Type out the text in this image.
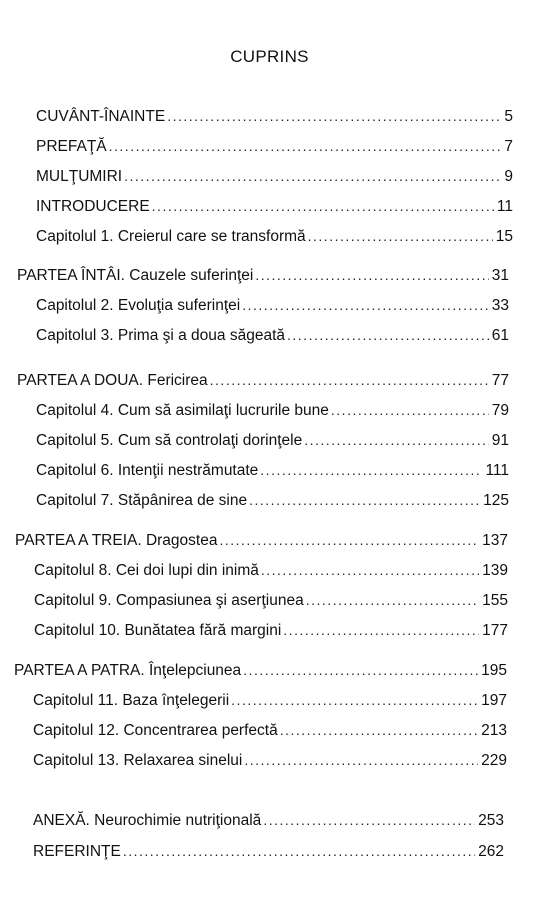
CUPRINS
CUVÂNT-ÎNAINTE .....	5
PREFAŢĂ .....	7
MULŢUMIRI .....	9
INTRODUCERE .....	11
Capitolul 1. Creierul care se transformă .....	15
PARTEA ÎNTÂI. Cauzele suferinţei .....	31
Capitolul 2. Evoluţia suferinţei .....	33
Capitolul 3. Prima şi a doua săgeată .....	61
PARTEA A DOUA. Fericirea .....	77
Capitolul 4. Cum să asimilaţi lucrurile bune .....	79
Capitolul 5. Cum să controlaţi dorinţele .....	91
Capitolul 6. Intenţii nestrămutate .....	111
Capitolul 7. Stăpânirea de sine .....	125
PARTEA A TREIA. Dragostea .....	137
Capitolul 8. Cei doi lupi din inimă .....	139
Capitolul 9. Compasiunea şi aserţiunea .....	155
Capitolul 10. Bunătatea fără margini .....	177
PARTEA A PATRA. Înţelepciunea .....	195
Capitolul 11. Baza înţelegerii .....	197
Capitolul 12. Concentrarea perfectă .....	213
Capitolul 13. Relaxarea sinelui .....	229
ANEXĂ. Neurochimie nutriţională .....	253
REFERINŢE .....	262
